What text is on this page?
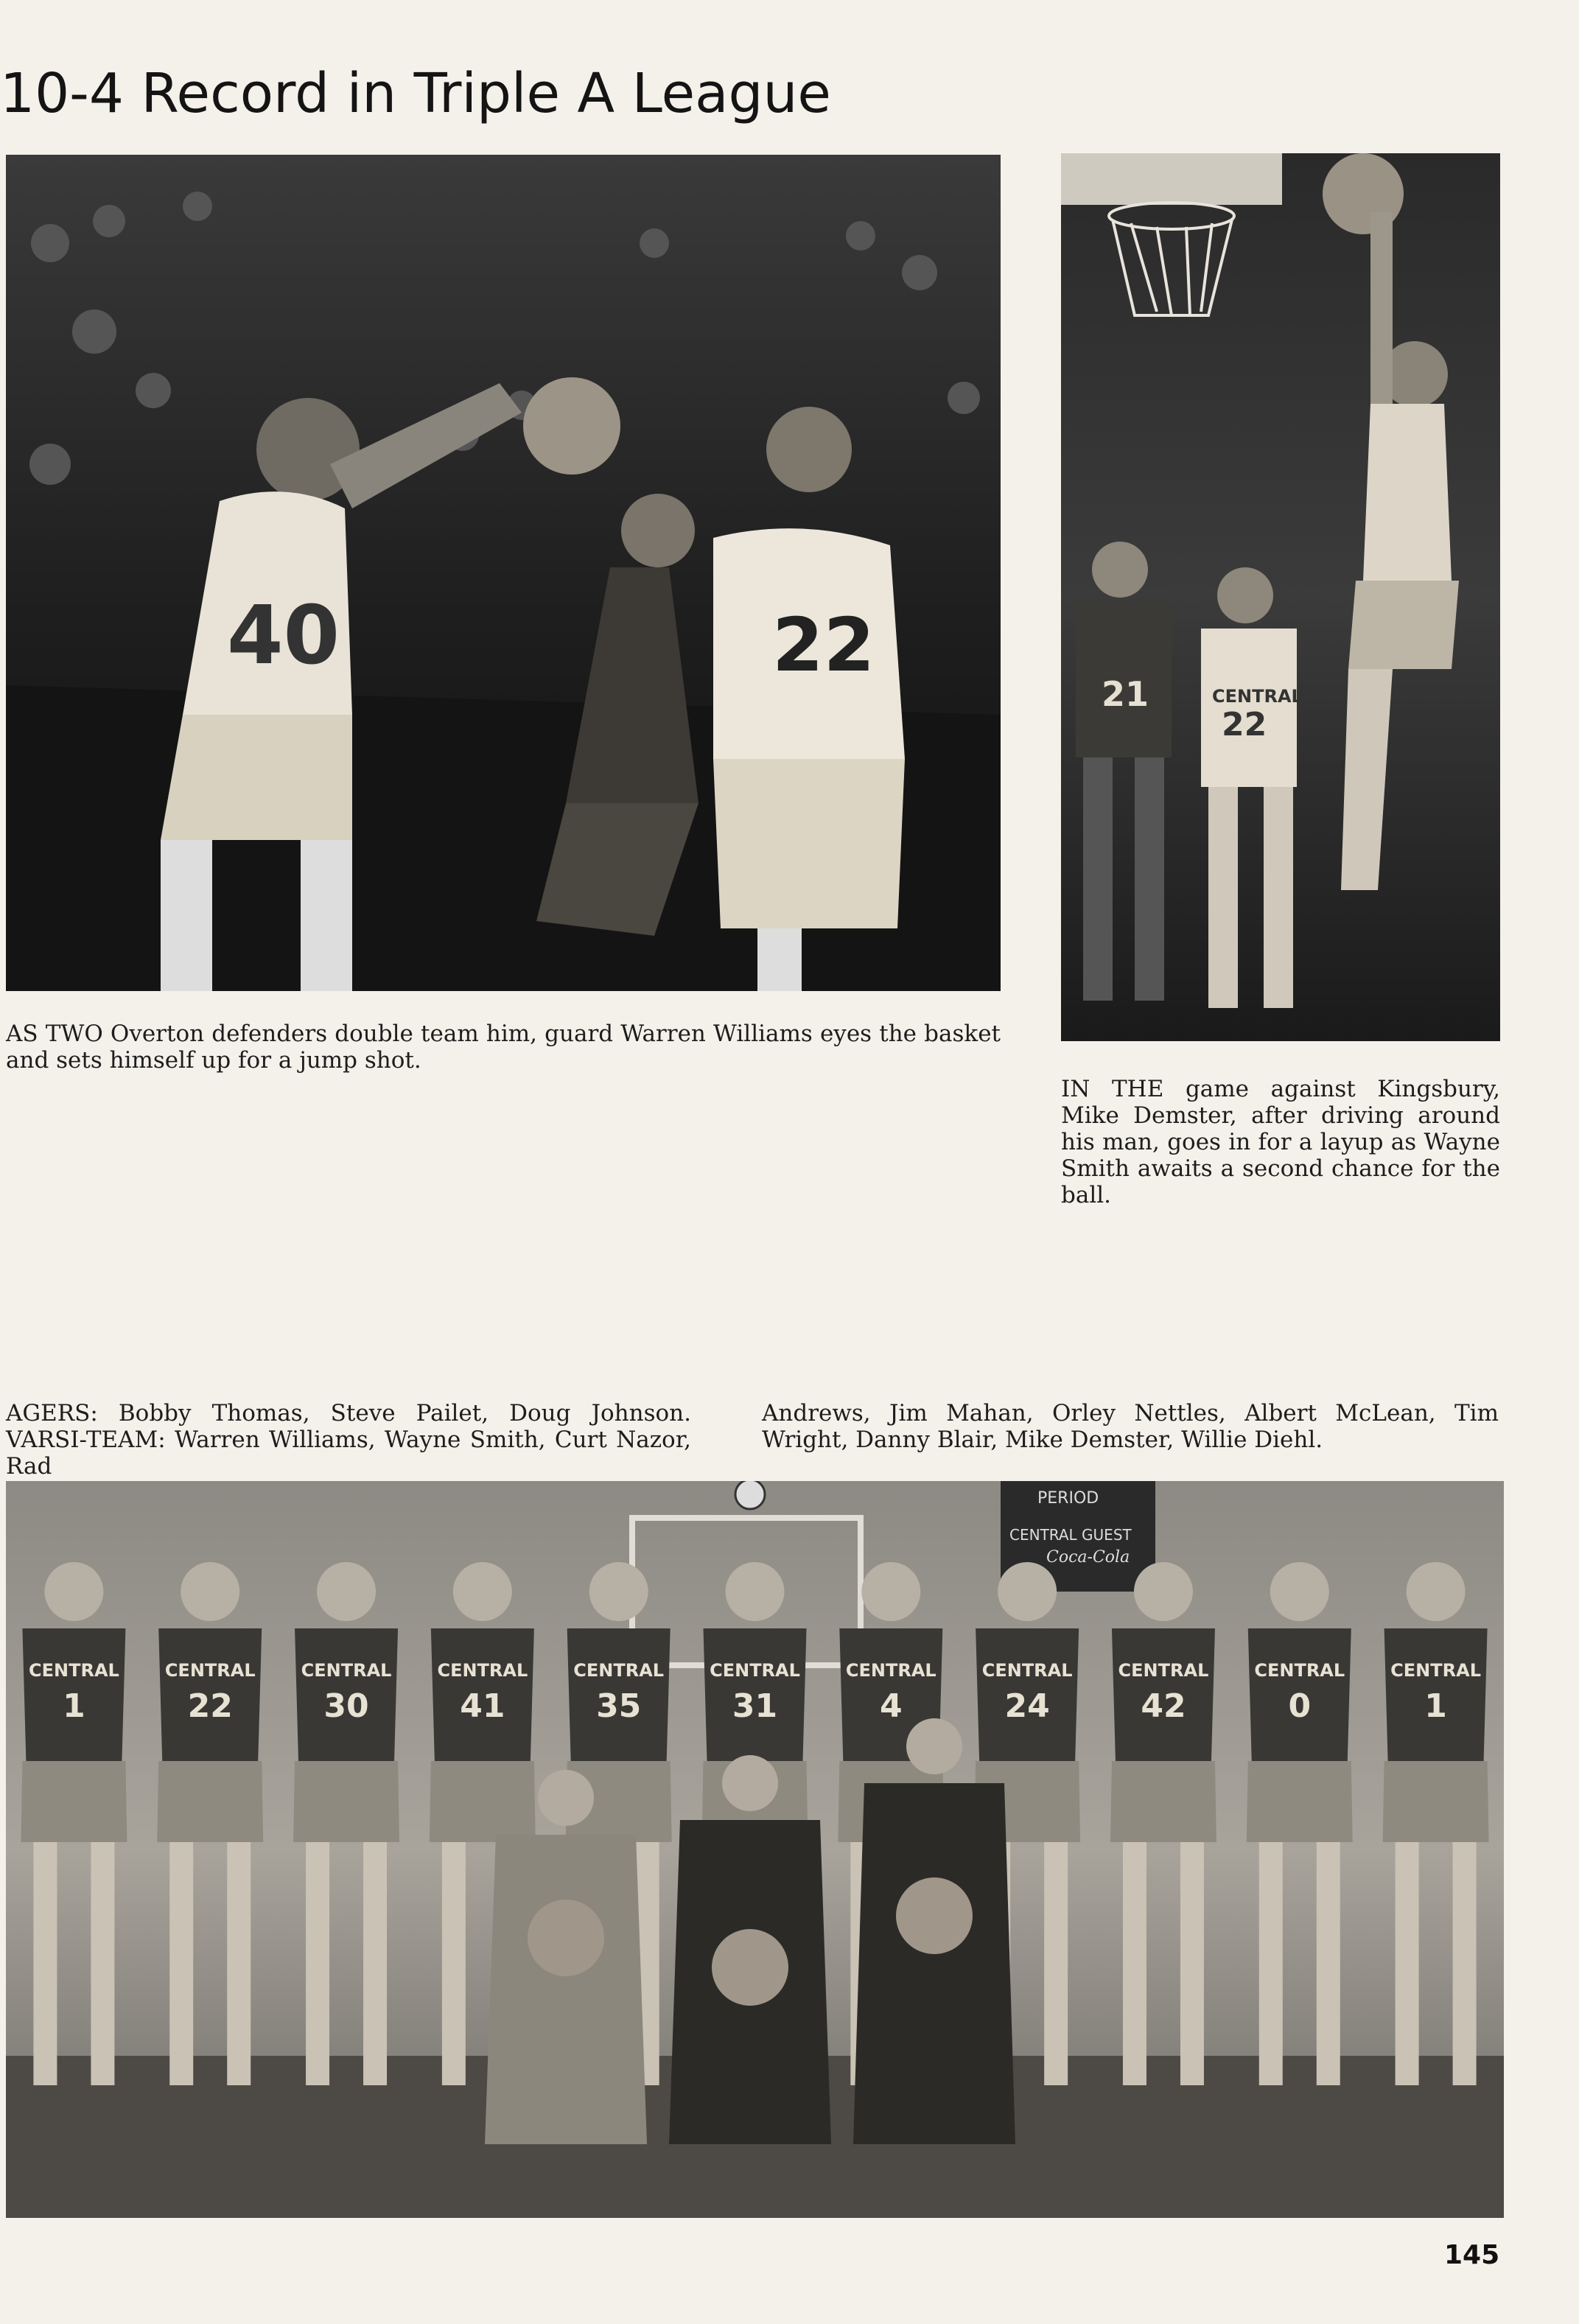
10-4 Record in Triple A League
40	22
21	CENTRAL
22
AS TWO Overton defenders double team him, guard Warren Williams eyes the basket and sets himself up for a jump shot.
IN THE game against Kingsbury, Mike Demster, after driving around his man, goes in for a layup as Wayne Smith awaits a second chance for the ball.
AGERS: Bobby Thomas, Steve Pailet, Doug Johnson. VARSI-TEAM: Warren Williams, Wayne Smith, Curt Nazor, Rad
Andrews, Jim Mahan, Orley Nettles, Albert McLean, Tim Wright, Danny Blair, Mike Demster, Willie Diehl.
PERIOD
CENTRAL GUEST
Coca-Cola
CENTRAL
1
CENTRAL
22
CENTRAL
30
CENTRAL
41
CENTRAL
35
CENTRAL
31
CENTRAL
4
CENTRAL
24
CENTRAL
42
CENTRAL
0
CENTRAL
1
145
